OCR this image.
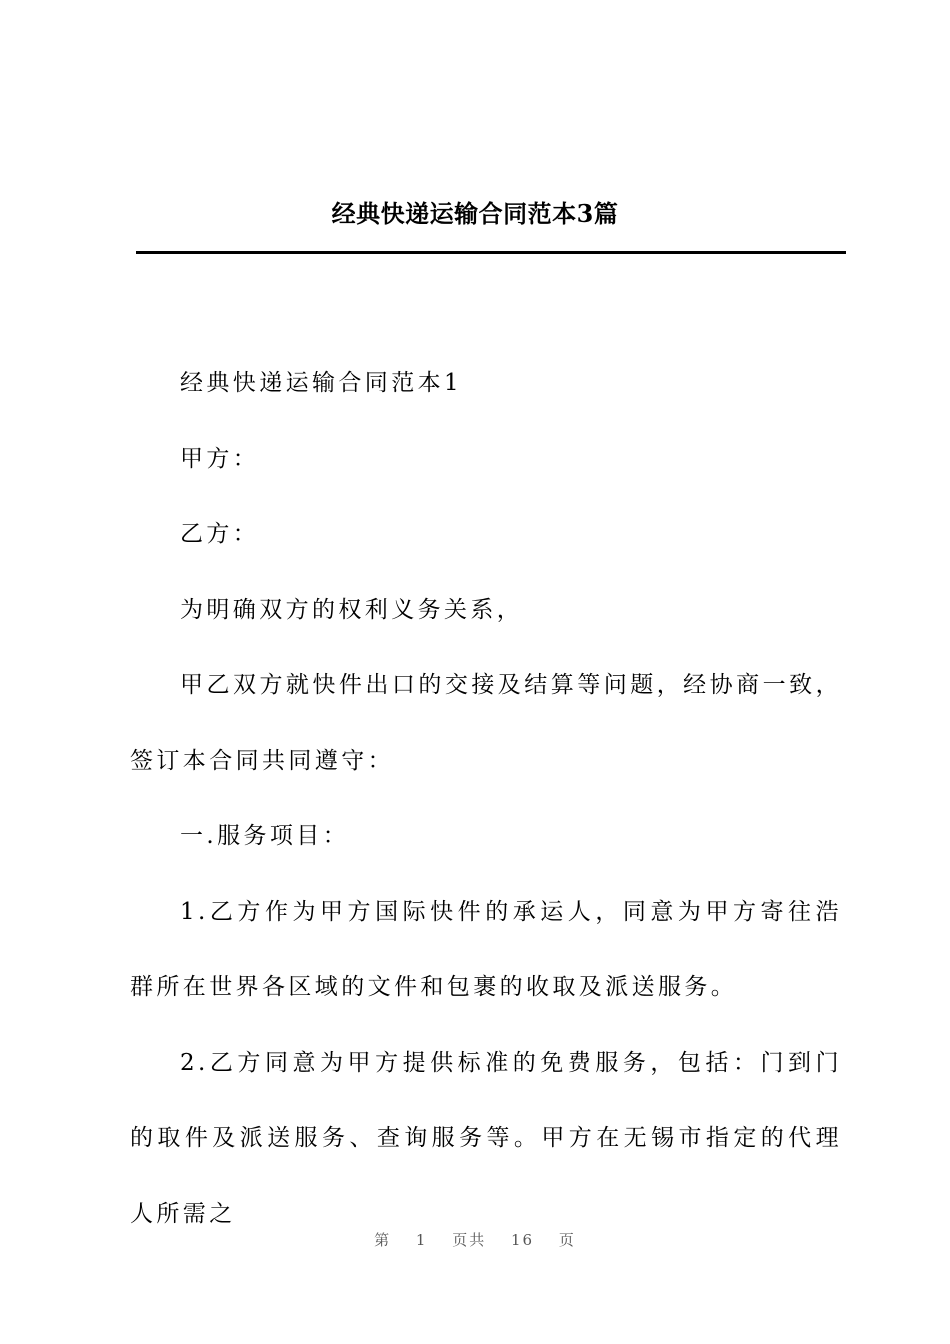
经典快递运输合同范本3篇

经典快递运输合同范本1

甲方：

乙方：

为明确双方的权利义务关系，

甲乙双方就快件出口的交接及结算等问题，经协商一致，签订本合同共同遵守：

一.服务项目：

1.乙方作为甲方国际快件的承运人，同意为甲方寄往浩群所在世界各区域的文件和包裹的收取及派送服务。

2.乙方同意为甲方提供标准的免费服务，包括：门到门的取件及派送服务、查询服务等。甲方在无锡市指定的代理人所需之

第 1 页共 16 页
